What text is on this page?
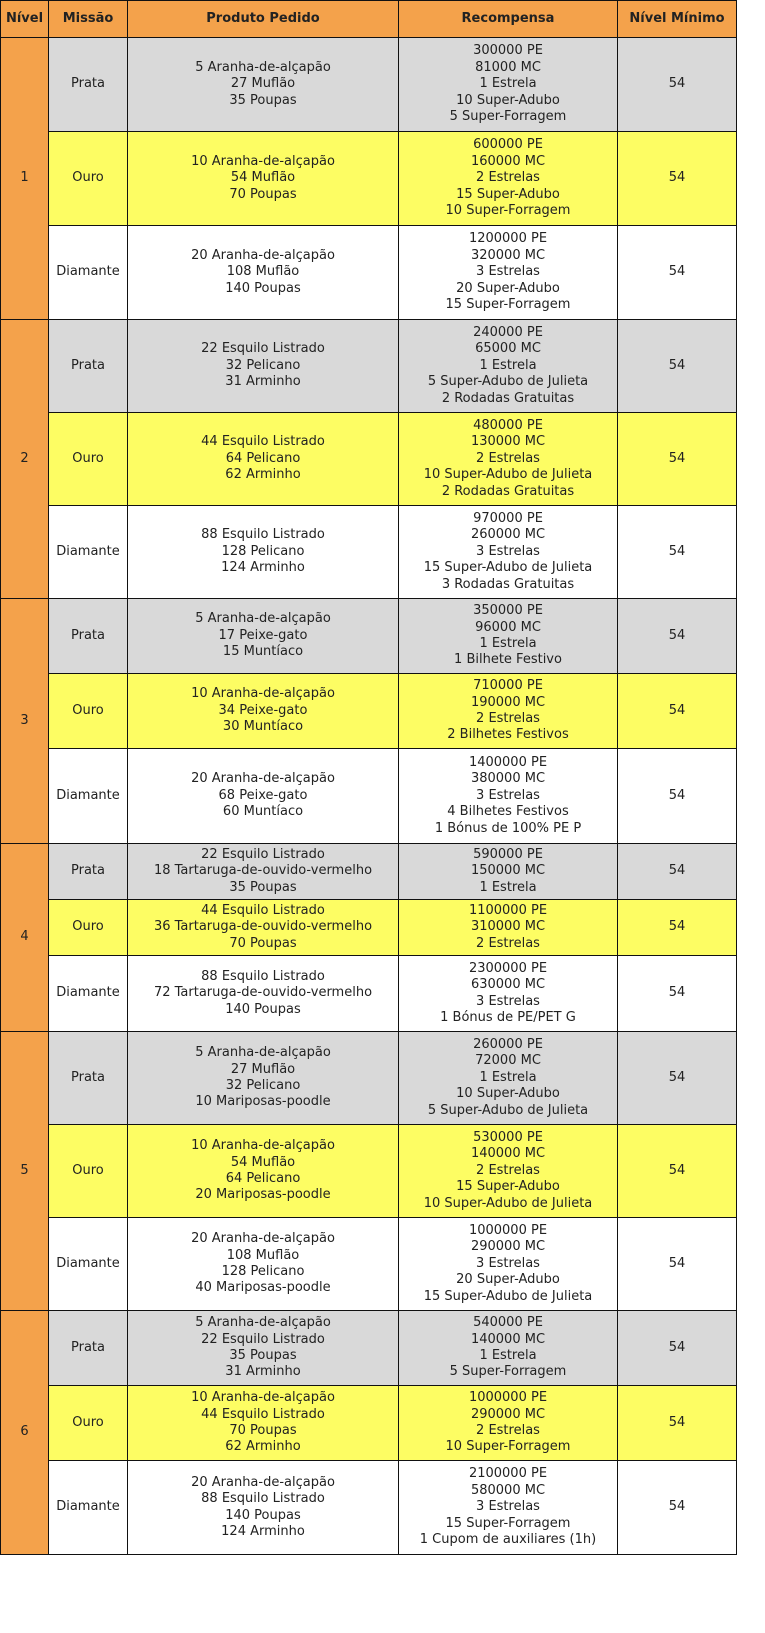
Nível	Missão	Produto Pedido	Recompensa	Nível Mínimo
1	Prata	5 Aranha-de-alçapão
27 Muflão
35 Poupas	300000 PE
81000 MC
1 Estrela
10 Super-Adubo
5 Super-Forragem	54
	Ouro	10 Aranha-de-alçapão
54 Muflão
70 Poupas	600000 PE
160000 MC
2 Estrelas
15 Super-Adubo
10 Super-Forragem	54
	Diamante	20 Aranha-de-alçapão
108 Muflão
140 Poupas	1200000 PE
320000 MC
3 Estrelas
20 Super-Adubo
15 Super-Forragem	54
2	Prata	22 Esquilo Listrado
32 Pelicano
31 Arminho	240000 PE
65000 MC
1 Estrela
5 Super-Adubo de Julieta
2 Rodadas Gratuitas	54
	Ouro	44 Esquilo Listrado
64 Pelicano
62 Arminho	480000 PE
130000 MC
2 Estrelas
10 Super-Adubo de Julieta
2 Rodadas Gratuitas	54
	Diamante	88 Esquilo Listrado
128 Pelicano
124 Arminho	970000 PE
260000 MC
3 Estrelas
15 Super-Adubo de Julieta
3 Rodadas Gratuitas	54
3	Prata	5 Aranha-de-alçapão
17 Peixe-gato
15 Muntíaco	350000 PE
96000 MC
1 Estrela
1 Bilhete Festivo	54
	Ouro	10 Aranha-de-alçapão
34 Peixe-gato
30 Muntíaco	710000 PE
190000 MC
2 Estrelas
2 Bilhetes Festivos	54
	Diamante	20 Aranha-de-alçapão
68 Peixe-gato
60 Muntíaco	1400000 PE
380000 MC
3 Estrelas
4 Bilhetes Festivos
1 Bónus de 100% PE P	54
4	Prata	22 Esquilo Listrado
18 Tartaruga-de-ouvido-vermelho
35 Poupas	590000 PE
150000 MC
1 Estrela	54
	Ouro	44 Esquilo Listrado
36 Tartaruga-de-ouvido-vermelho
70 Poupas	1100000 PE
310000 MC
2 Estrelas	54
	Diamante	88 Esquilo Listrado
72 Tartaruga-de-ouvido-vermelho
140 Poupas	2300000 PE
630000 MC
3 Estrelas
1 Bónus de PE/PET G	54
5	Prata	5 Aranha-de-alçapão
27 Muflão
32 Pelicano
10 Mariposas-poodle	260000 PE
72000 MC
1 Estrela
10 Super-Adubo
5 Super-Adubo de Julieta	54
	Ouro	10 Aranha-de-alçapão
54 Muflão
64 Pelicano
20 Mariposas-poodle	530000 PE
140000 MC
2 Estrelas
15 Super-Adubo
10 Super-Adubo de Julieta	54
	Diamante	20 Aranha-de-alçapão
108 Muflão
128 Pelicano
40 Mariposas-poodle	1000000 PE
290000 MC
3 Estrelas
20 Super-Adubo
15 Super-Adubo de Julieta	54
6	Prata	5 Aranha-de-alçapão
22 Esquilo Listrado
35 Poupas
31 Arminho	540000 PE
140000 MC
1 Estrela
5 Super-Forragem	54
	Ouro	10 Aranha-de-alçapão
44 Esquilo Listrado
70 Poupas
62 Arminho	1000000 PE
290000 MC
2 Estrelas
10 Super-Forragem	54
	Diamante	20 Aranha-de-alçapão
88 Esquilo Listrado
140 Poupas
124 Arminho	2100000 PE
580000 MC
3 Estrelas
15 Super-Forragem
1 Cupom de auxiliares (1h)	54
